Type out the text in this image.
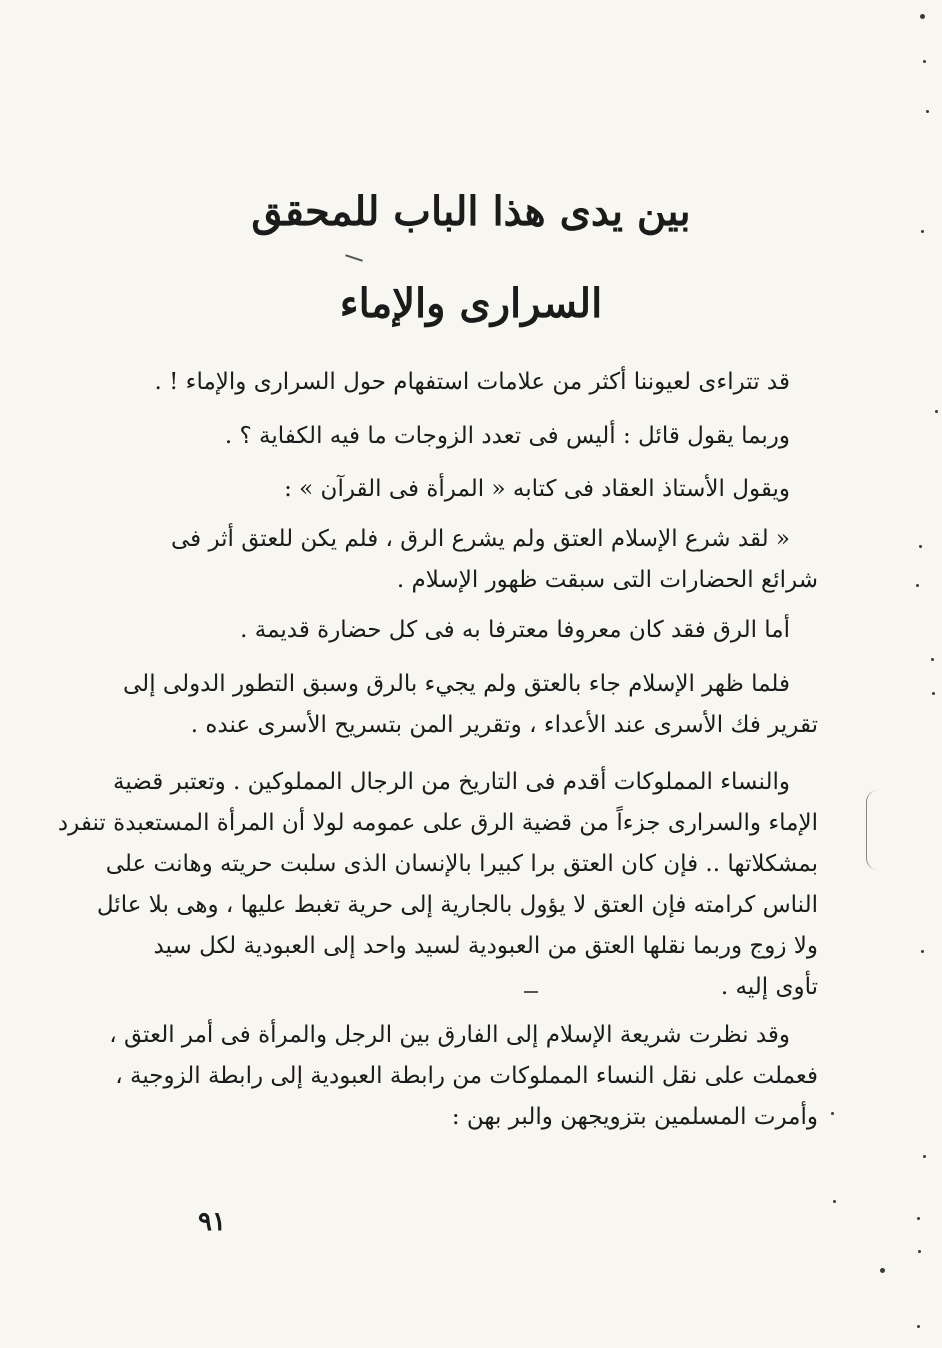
بين يدى هذا الباب للمحقق
السرارى والإماء
قد تتراءى لعيوننا أكثر من علامات استفهام حول السرارى والإماء ! .
وربما يقول قائل : أليس فى تعدد الزوجات ما فيه الكفاية ؟ .
ويقول الأستاذ العقاد فى كتابه « المرأة فى القرآن » :
« لقد شرع الإسلام العتق ولم يشرع الرق ، فلم يكن للعتق أثر فى
شرائع الحضارات التى سبقت ظهور الإسلام .
أما الرق فقد كان معروفا معترفا به فى كل حضارة قديمة .
فلما ظهر الإسلام جاء بالعتق ولم يجيء بالرق وسبق التطور الدولى إلى
تقرير فك الأسرى عند الأعداء ، وتقرير المن بتسريح الأسرى عنده .
والنساء المملوكات أقدم فى التاريخ من الرجال المملوكين . وتعتبر قضية
الإماء والسرارى جزءاً من قضية الرق على عمومه لولا أن المرأة المستعبدة تنفرد
بمشكلاتها .. فإن كان العتق برا كبيرا بالإنسان الذى سلبت حريته وهانت على
الناس كرامته فإن العتق لا يؤول بالجارية إلى حرية تغبط عليها ، وهى بلا عائل
ولا زوج وربما نقلها العتق من العبودية لسيد واحد إلى العبودية لكل سيد
تأوى إليه .
وقد نظرت شريعة الإسلام إلى الفارق بين الرجل والمرأة فى أمر العتق ،
فعملت على نقل النساء المملوكات من رابطة العبودية إلى رابطة الزوجية ،
وأمرت المسلمين بتزويجهن والبر بهن :
٩١
